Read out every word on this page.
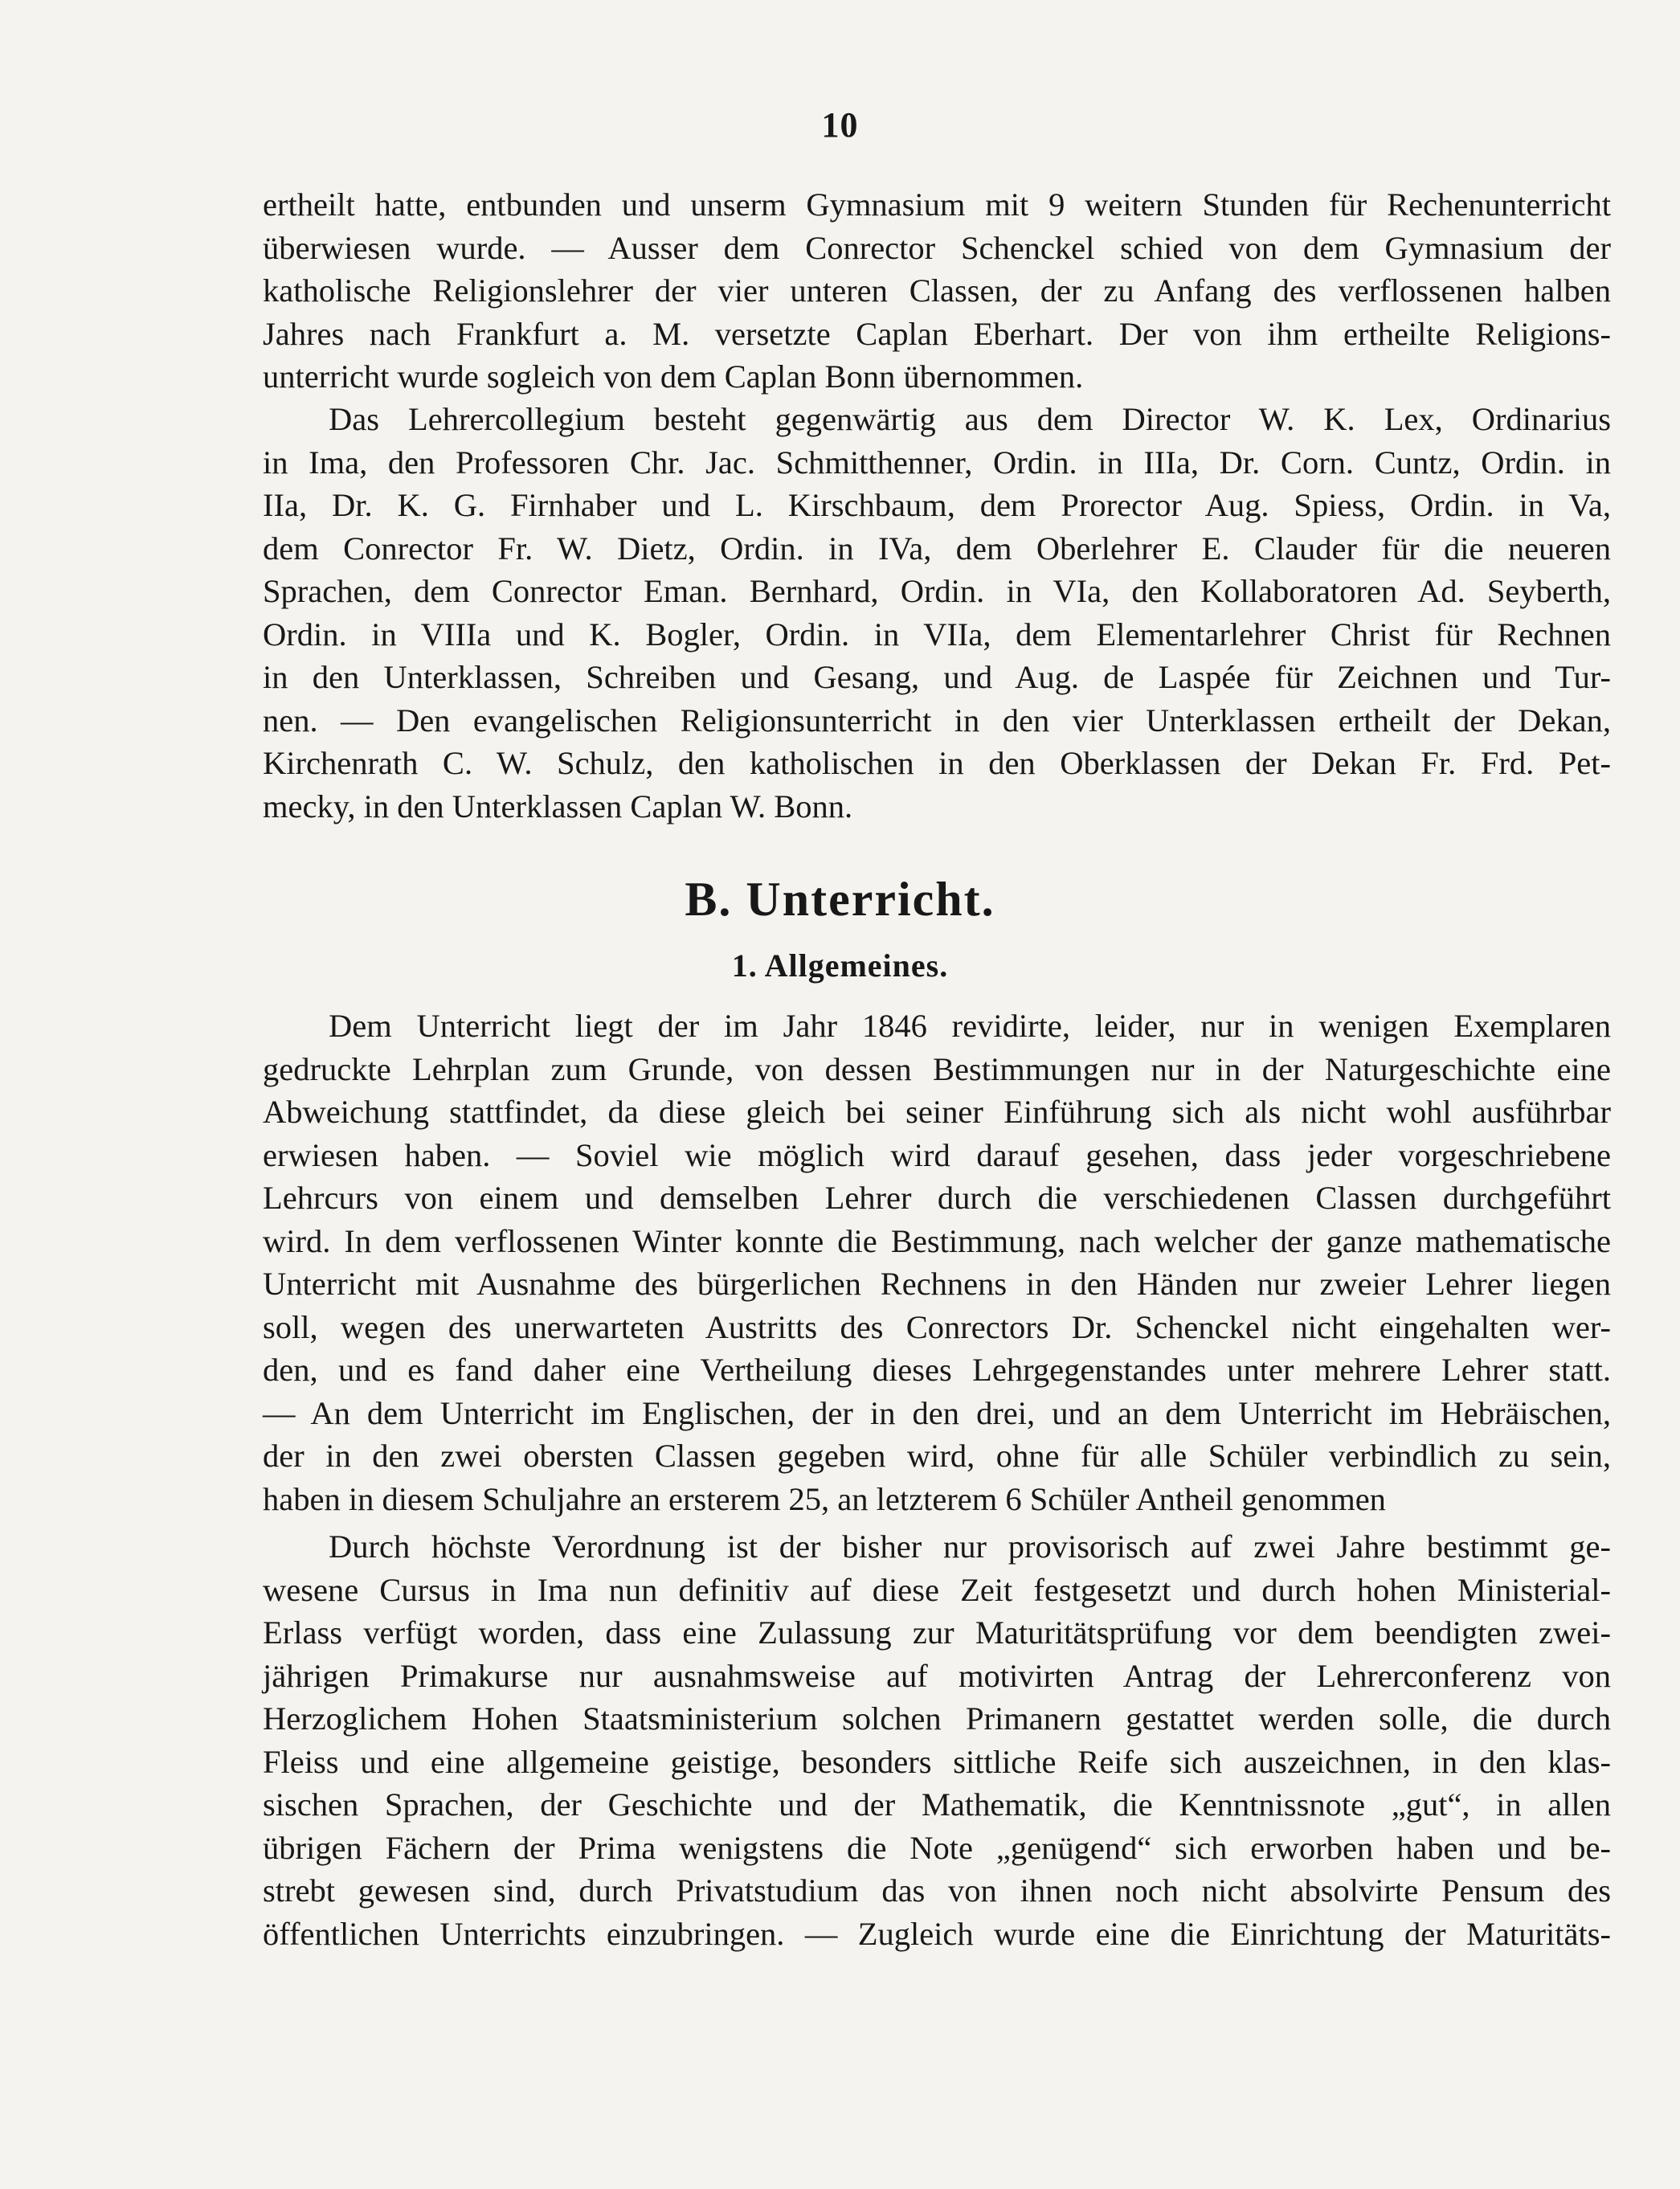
10

ertheilt hatte, entbunden und unserm Gymnasium mit 9 weitern Stunden für Rechenunterricht

überwiesen wurde. — Ausser dem Conrector Schenckel schied von dem Gymnasium der

katholische Religionslehrer der vier unteren Classen, der zu Anfang des verflossenen halben

Jahres nach Frankfurt a. M. versetzte Caplan Eberhart. Der von ihm ertheilte Religions-

unterricht wurde sogleich von dem Caplan Bonn übernommen.

Das Lehrercollegium besteht gegenwärtig aus dem Director W. K. Lex, Ordinarius

in Ima, den Professoren Chr. Jac. Schmitthenner, Ordin. in IIIa, Dr. Corn. Cuntz, Ordin. in

IIa, Dr. K. G. Firnhaber und L. Kirschbaum, dem Prorector Aug. Spiess, Ordin. in Va,

dem Conrector Fr. W. Dietz, Ordin. in IVa, dem Oberlehrer E. Clauder für die neueren

Sprachen, dem Conrector Eman. Bernhard, Ordin. in VIa, den Kollaboratoren Ad. Seyberth,

Ordin. in VIIIa und K. Bogler, Ordin. in VIIa, dem Elementarlehrer Christ für Rechnen

in den Unterklassen, Schreiben und Gesang, und Aug. de Laspée für Zeichnen und Tur-

nen. — Den evangelischen Religionsunterricht in den vier Unterklassen ertheilt der Dekan,

Kirchenrath C. W. Schulz, den katholischen in den Oberklassen der Dekan Fr. Frd. Pet-

mecky, in den Unterklassen Caplan W. Bonn.

B. Unterricht.
1. Allgemeines.

Dem Unterricht liegt der im Jahr 1846 revidirte, leider, nur in wenigen Exemplaren

gedruckte Lehrplan zum Grunde, von dessen Bestimmungen nur in der Naturgeschichte eine

Abweichung stattfindet, da diese gleich bei seiner Einführung sich als nicht wohl ausführbar

erwiesen haben. — Soviel wie möglich wird darauf gesehen, dass jeder vorgeschriebene

Lehrcurs von einem und demselben Lehrer durch die verschiedenen Classen durchgeführt

wird. In dem verflossenen Winter konnte die Bestimmung, nach welcher der ganze mathematische

Unterricht mit Ausnahme des bürgerlichen Rechnens in den Händen nur zweier Lehrer liegen

soll, wegen des unerwarteten Austritts des Conrectors Dr. Schenckel nicht eingehalten wer-

den, und es fand daher eine Vertheilung dieses Lehrgegenstandes unter mehrere Lehrer statt.

— An dem Unterricht im Englischen, der in den drei, und an dem Unterricht im Hebräischen,

der in den zwei obersten Classen gegeben wird, ohne für alle Schüler verbindlich zu sein,

haben in diesem Schuljahre an ersterem 25, an letzterem 6 Schüler Antheil genommen

Durch höchste Verordnung ist der bisher nur provisorisch auf zwei Jahre bestimmt ge-

wesene Cursus in Ima nun definitiv auf diese Zeit festgesetzt und durch hohen Ministerial-

Erlass verfügt worden, dass eine Zulassung zur Maturitätsprüfung vor dem beendigten zwei-

jährigen Primakurse nur ausnahmsweise auf motivirten Antrag der Lehrerconferenz von

Herzoglichem Hohen Staatsministerium solchen Primanern gestattet werden solle, die durch

Fleiss und eine allgemeine geistige, besonders sittliche Reife sich auszeichnen, in den klas-

sischen Sprachen, der Geschichte und der Mathematik, die Kenntnissnote „gut“, in allen

übrigen Fächern der Prima wenigstens die Note „genügend“ sich erworben haben und be-

strebt gewesen sind, durch Privatstudium das von ihnen noch nicht absolvirte Pensum des

öffentlichen Unterrichts einzubringen. — Zugleich wurde eine die Einrichtung der Maturitäts-
